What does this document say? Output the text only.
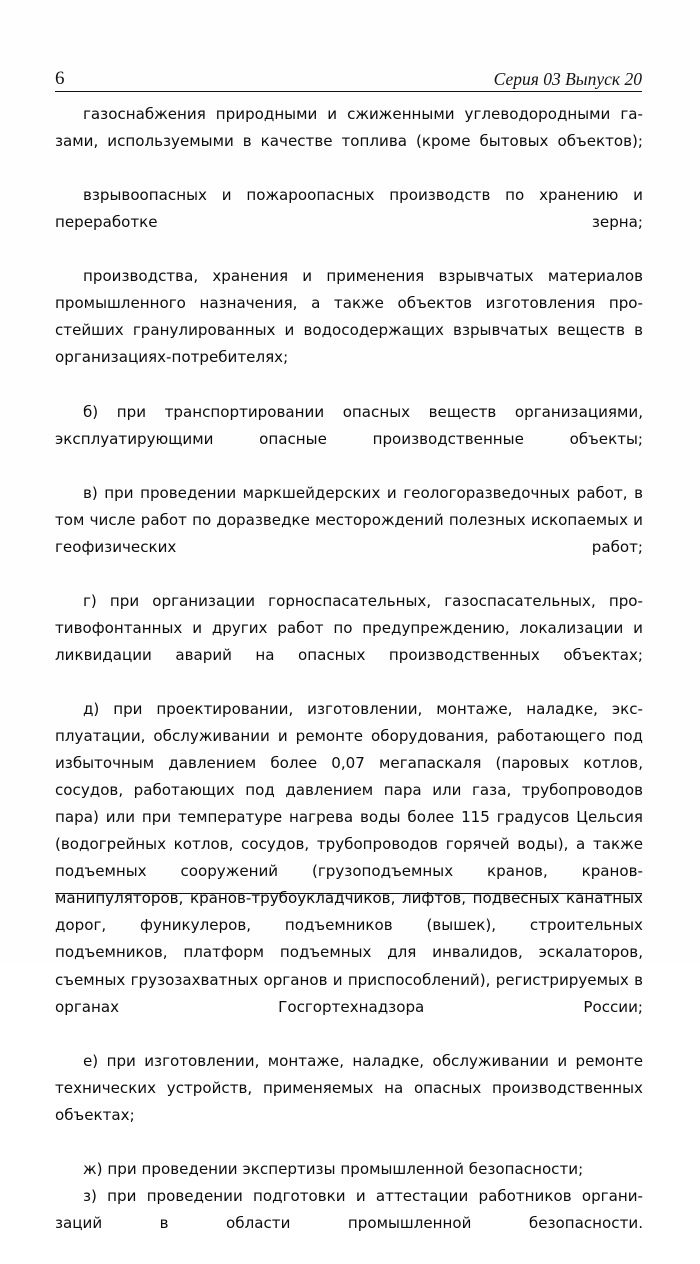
6	Серия 03 Выпуск 20

газоснабжения природными и сжиженными углеводородными газами, используемыми в качестве топлива (кроме бытовых объектов);

взрывоопасных и пожароопасных производств по хранению и переработке зерна;

производства, хранения и применения взрывчатых материалов промышленного назначения, а также объектов изготовления простейших гранулированных и водосодержащих взрывчатых веществ в организациях-потребителях;

б) при транспортировании опасных веществ организациями, эксплуатирующими опасные производственные объекты;

в) при проведении маркшейдерских и геологоразведочных работ, в том числе работ по доразведке месторождений полезных ископаемых и геофизических работ;

г) при организации горноспасательных, газоспасательных, противофонтанных и других работ по предупреждению, локализации и ликвидации аварий на опасных производственных объектах;

д) при проектировании, изготовлении, монтаже, наладке, эксплуатации, обслуживании и ремонте оборудования, работающего под избыточным давлением более 0,07 мегапаскаля (паровых котлов, сосудов, работающих под давлением пара или газа, трубопроводов пара) или при температуре нагрева воды более 115 градусов Цельсия (водогрейных котлов, сосудов, трубопроводов горячей воды), а также подъемных сооружений (грузоподъемных кранов, кранов-манипуляторов, кранов-трубоукладчиков, лифтов, подвесных канатных дорог, фуникулеров, подъемников (вышек), строительных подъемников, платформ подъемных для инвалидов, эскалаторов, съемных грузозахватных органов и приспособлений), регистрируемых в органах Госгортехнадзора России;

е) при изготовлении, монтаже, наладке, обслуживании и ремонте технических устройств, применяемых на опасных производственных объектах;

ж) при проведении экспертизы промышленной безопасности;

з) при проведении подготовки и аттестации работников организаций в области промышленной безопасности.
